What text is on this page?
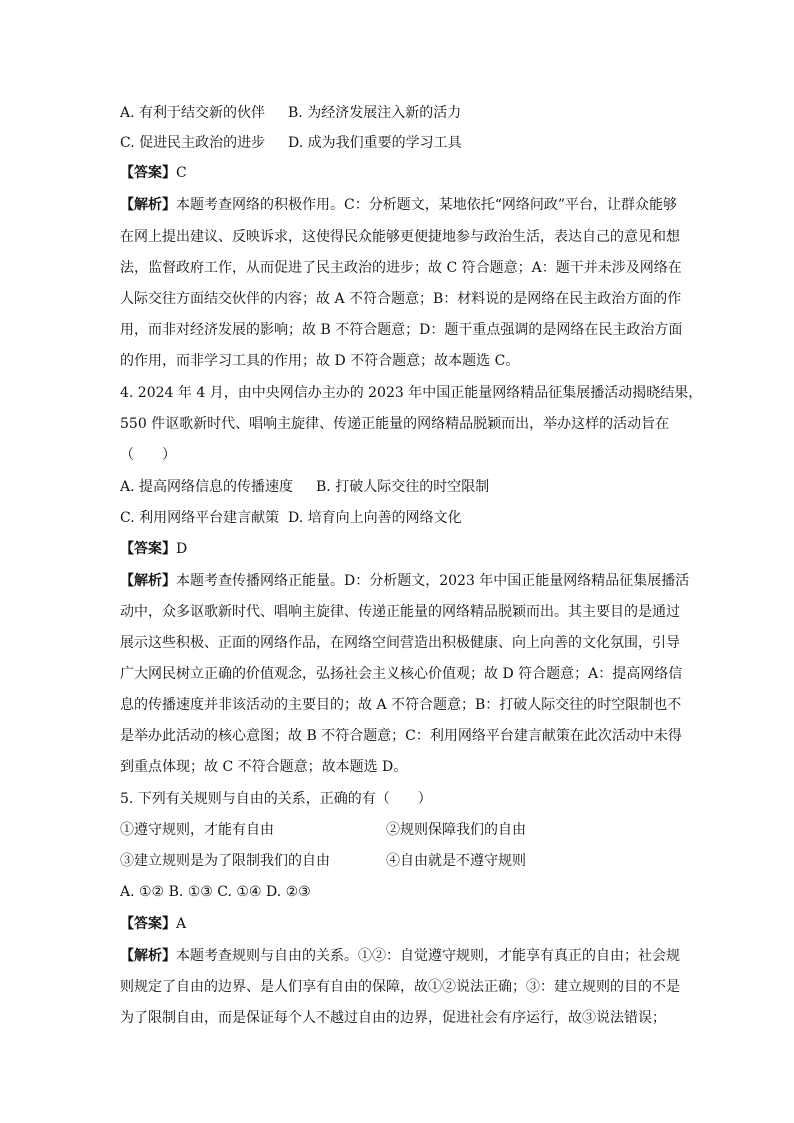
A. 有利于结交新的伙伴 B. 为经济发展注入新的活力
C. 促进民主政治的进步 D. 成为我们重要的学习工具
【答案】C
【解析】本题考查网络的积极作用。C：分析题文，某地依托“网络问政”平台，让群众能够
在网上提出建议、反映诉求，这使得民众能够更便捷地参与政治生活，表达自己的意见和想
法，监督政府工作，从而促进了民主政治的进步；故 C 符合题意；A：题干并未涉及网络在
人际交往方面结交伙伴的内容；故 A 不符合题意；B：材料说的是网络在民主政治方面的作
用，而非对经济发展的影响；故 B 不符合题意；D：题干重点强调的是网络在民主政治方面
的作用，而非学习工具的作用；故 D 不符合题意；故本题选 C。
4. 2024 年 4 月，由中央网信办主办的 2023 年中国正能量网络精品征集展播活动揭晓结果，
550 件讴歌新时代、唱响主旋律、传递正能量的网络精品脱颖而出，举办这样的活动旨在
（　　）
A. 提高网络信息的传播速度 B. 打破人际交往的时空限制
C. 利用网络平台建言献策 D. 培育向上向善的网络文化
【答案】D
【解析】本题考查传播网络正能量。D：分析题文，2023 年中国正能量网络精品征集展播活
动中，众多讴歌新时代、唱响主旋律、传递正能量的网络精品脱颖而出。其主要目的是通过
展示这些积极、正面的网络作品，在网络空间营造出积极健康、向上向善的文化氛围，引导
广大网民树立正确的价值观念，弘扬社会主义核心价值观；故 D 符合题意；A：提高网络信
息的传播速度并非该活动的主要目的；故 A 不符合题意；B：打破人际交往的时空限制也不
是举办此活动的核心意图；故 B 不符合题意；C：利用网络平台建言献策在此次活动中未得
到重点体现；故 C 不符合题意；故本题选 D。
5. 下列有关规则与自由的关系，正确的有（　　）
①遵守规则，才能有自由	②规则保障我们的自由
③建立规则是为了限制我们的自由	④自由就是不遵守规则
A. ①② B. ①③ C. ①④ D. ②③
【答案】A
【解析】本题考查规则与自由的关系。①②：自觉遵守规则，才能享有真正的自由；社会规
则规定了自由的边界、是人们享有自由的保障，故①②说法正确；③：建立规则的目的不是
为了限制自由，而是保证每个人不越过自由的边界，促进社会有序运行，故③说法错误；
